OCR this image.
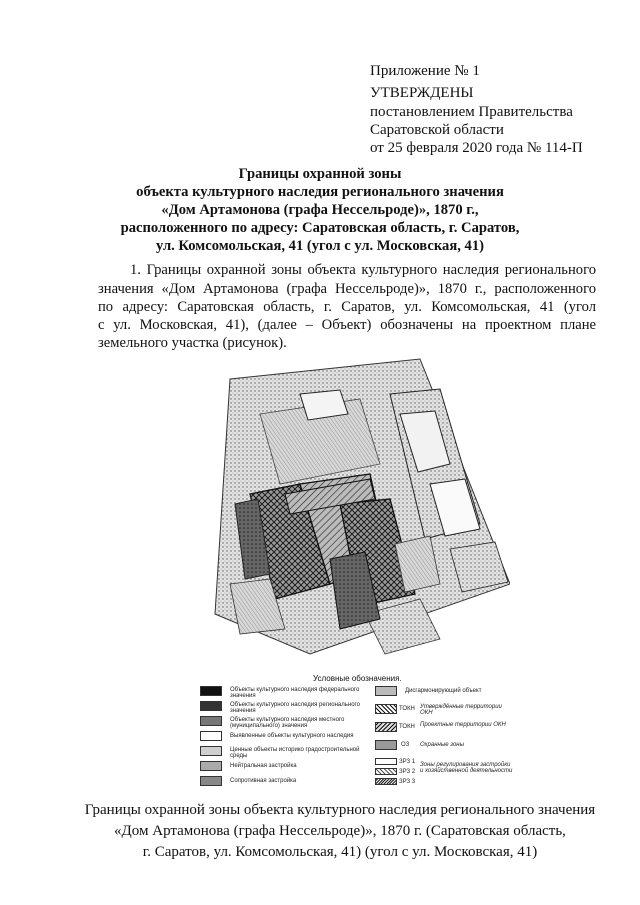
Приложение № 1
УТВЕРЖДЕНЫ
постановлением Правительства
Саратовской области
от 25 февраля 2020 года № 114-П
Границы охранной зоны
объекта культурного наследия регионального значения
«Дом Артамонова (графа Нессельроде)», 1870 г.,
расположенного по адресу: Саратовская область, г. Саратов,
ул. Комсомольская, 41 (угол с ул. Московская, 41)
1. Границы охранной зоны объекта культурного наследия регионального
значения «Дом Артамонова (графа Нессельроде)», 1870 г., расположенного
по адресу: Саратовская область, г. Саратов, ул. Комсомольская, 41 (угол
с ул. Московская, 41), (далее – Объект) обозначены на проектном плане
земельного участка (рисунок).
Условные обозначения.
Объекты культурного наследия федерального значения
Объекты культурного наследия регионального значения
Объекты культурного наследия местного (муниципального) значения
Выявленные объекты культурного наследия
Ценные объекты историко градостроительной среды
Нейтральная застройка
Сопротивная застройка
Дисгармонирующий объект
ТОКН Утверждённые территории ОКН
ТОКН Проектные территории ОКН
ОЗ Охранные зоны
ЗРЗ 1 Зоны регулирования застройки и хозяйственной деятельности
ЗРЗ 2
ЗРЗ 3
Границы охранной зоны объекта культурного наследия регионального значения
«Дом Артамонова (графа Нессельроде)», 1870 г. (Саратовская область,
г. Саратов, ул. Комсомольская, 41) (угол с ул. Московская, 41)
